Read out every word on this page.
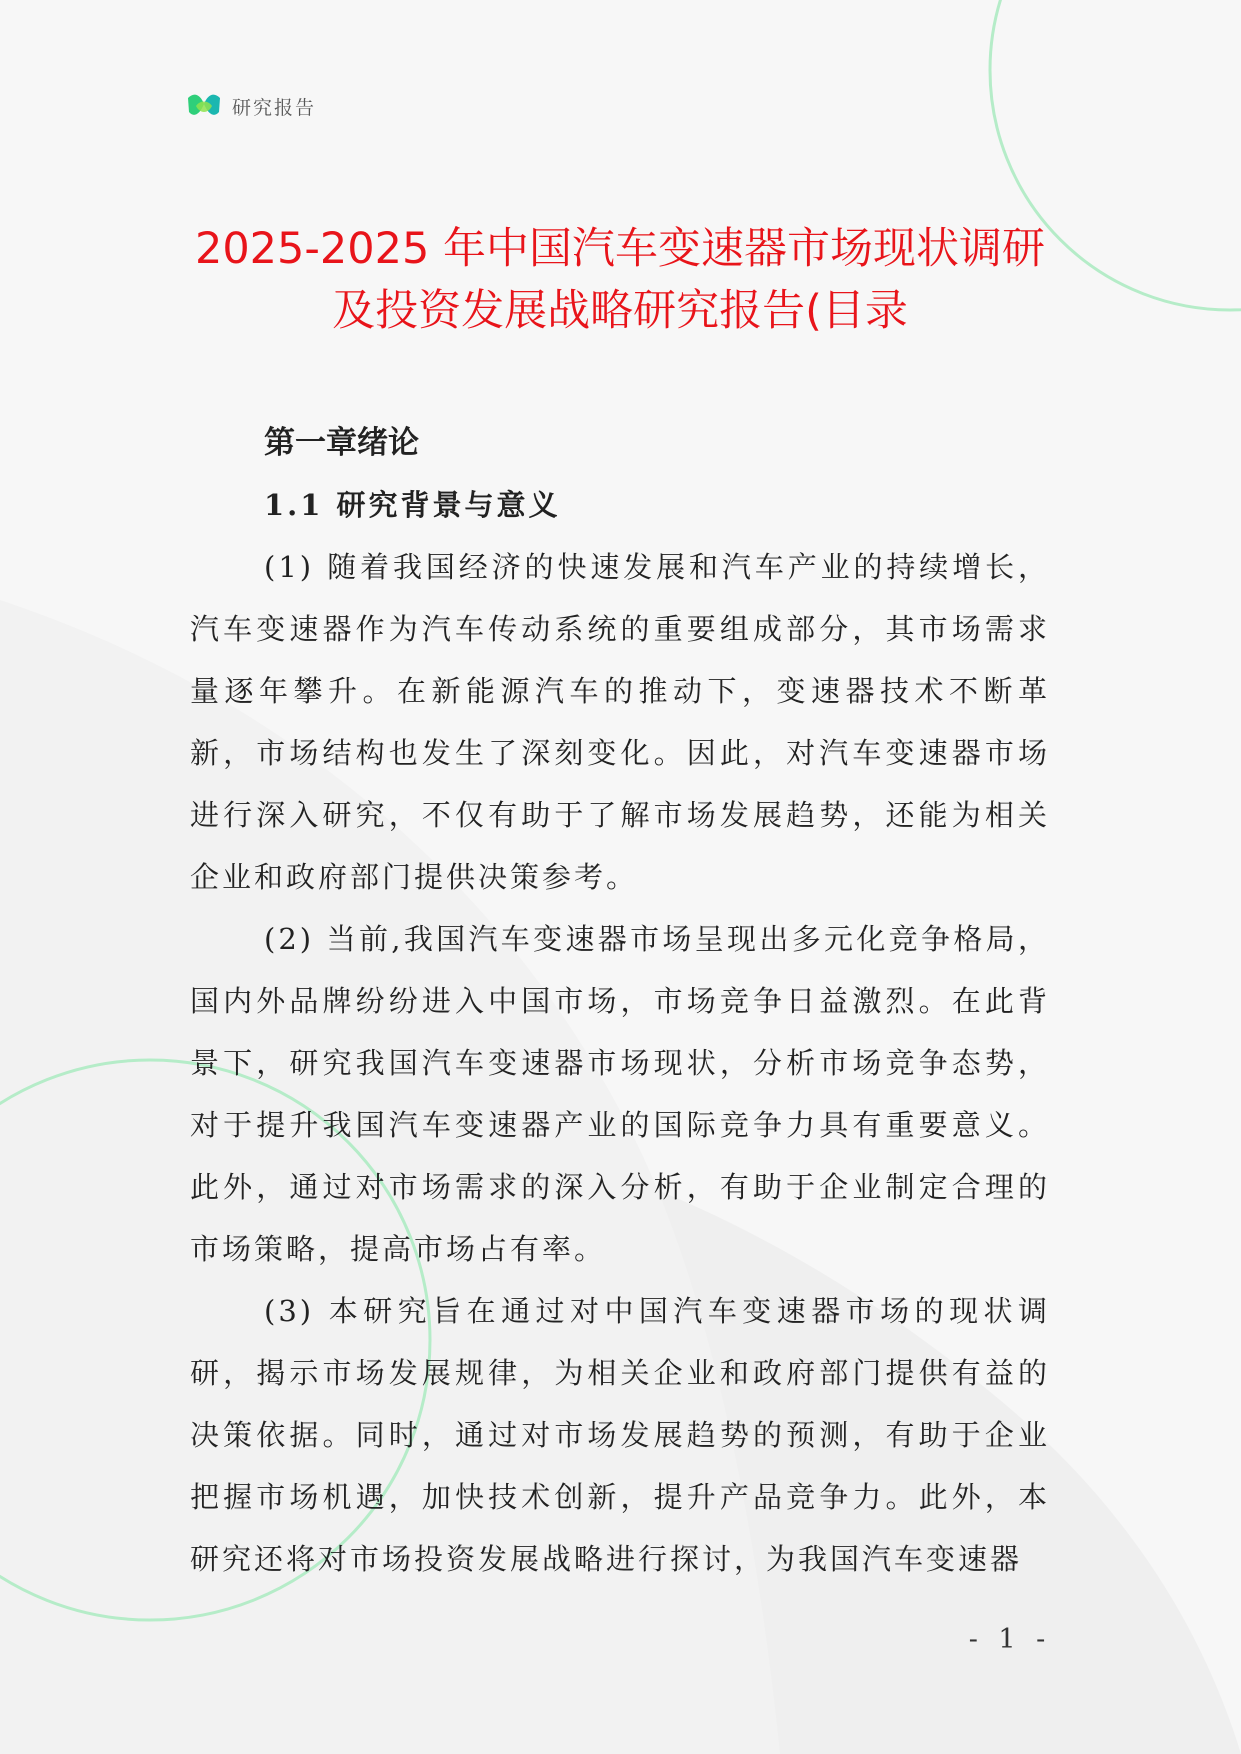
研究报告
2025-2025 年中国汽车变速器市场现状调研
及投资发展战略研究报告(目录
第一章绪论
1.1 研究背景与意义

(1) 随着我国经济的快速发展和汽车产业的持续增长，汽车变速器作为汽车传动系统的重要组成部分，其市场需求量逐年攀升。在新能源汽车的推动下，变速器技术不断革新，市场结构也发生了深刻变化。因此，对汽车变速器市场进行深入研究，不仅有助于了解市场发展趋势，还能为相关企业和政府部门提供决策参考。

(2) 当前,我国汽车变速器市场呈现出多元化竞争格局，国内外品牌纷纷进入中国市场，市场竞争日益激烈。在此背景下，研究我国汽车变速器市场现状，分析市场竞争态势，对于提升我国汽车变速器产业的国际竞争力具有重要意义。此外，通过对市场需求的深入分析，有助于企业制定合理的市场策略，提高市场占有率。

(3) 本研究旨在通过对中国汽车变速器市场的现状调研，揭示市场发展规律，为相关企业和政府部门提供有益的决策依据。同时，通过对市场发展趋势的预测，有助于企业把握市场机遇，加快技术创新，提升产品竞争力。此外，本研究还将对市场投资发展战略进行探讨，为我国汽车变速器

- 1 -
